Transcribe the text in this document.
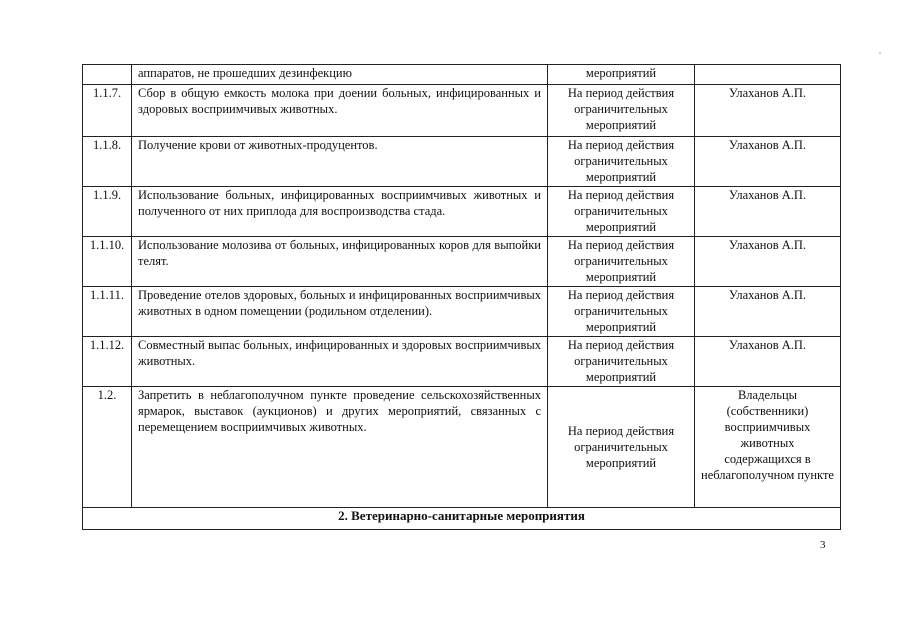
	аппаратов, не прошедших дезинфекцию	мероприятий	
1.1.7.	Сбор в общую емкость молока при доении больных, инфицированных и здоровых восприимчивых животных.	На период действия ограничительных мероприятий	Улаханов А.П.
1.1.8.	Получение крови от животных-продуцентов.	На период действия ограничительных мероприятий	Улаханов А.П.
1.1.9.	Использование больных, инфицированных восприимчивых животных и полученного от них приплода для воспроизводства стада.	На период действия ограничительных мероприятий	Улаханов А.П.
1.1.10.	Использование молозива от больных, инфицированных коров для выпойки телят.	На период действия ограничительных мероприятий	Улаханов А.П.
1.1.11.	Проведение отелов здоровых, больных и инфицированных восприимчивых животных в одном помещении (родильном отделении).	На период действия ограничительных мероприятий	Улаханов А.П.
1.1.12.	Совместный выпас больных, инфицированных и здоровых восприимчивых животных.	На период действия ограничительных мероприятий	Улаханов А.П.
1.2.	Запретить в неблагополучном пункте проведение сельскохозяйственных ярмарок, выставок (аукционов) и других мероприятий, связанных с перемещением восприимчивых животных.	На период действия ограничительных мероприятий	Владельцы (собственники) восприимчивых животных содержащихся в неблагополучном пункте
2. Ветеринарно-санитарные мероприятия			
3
